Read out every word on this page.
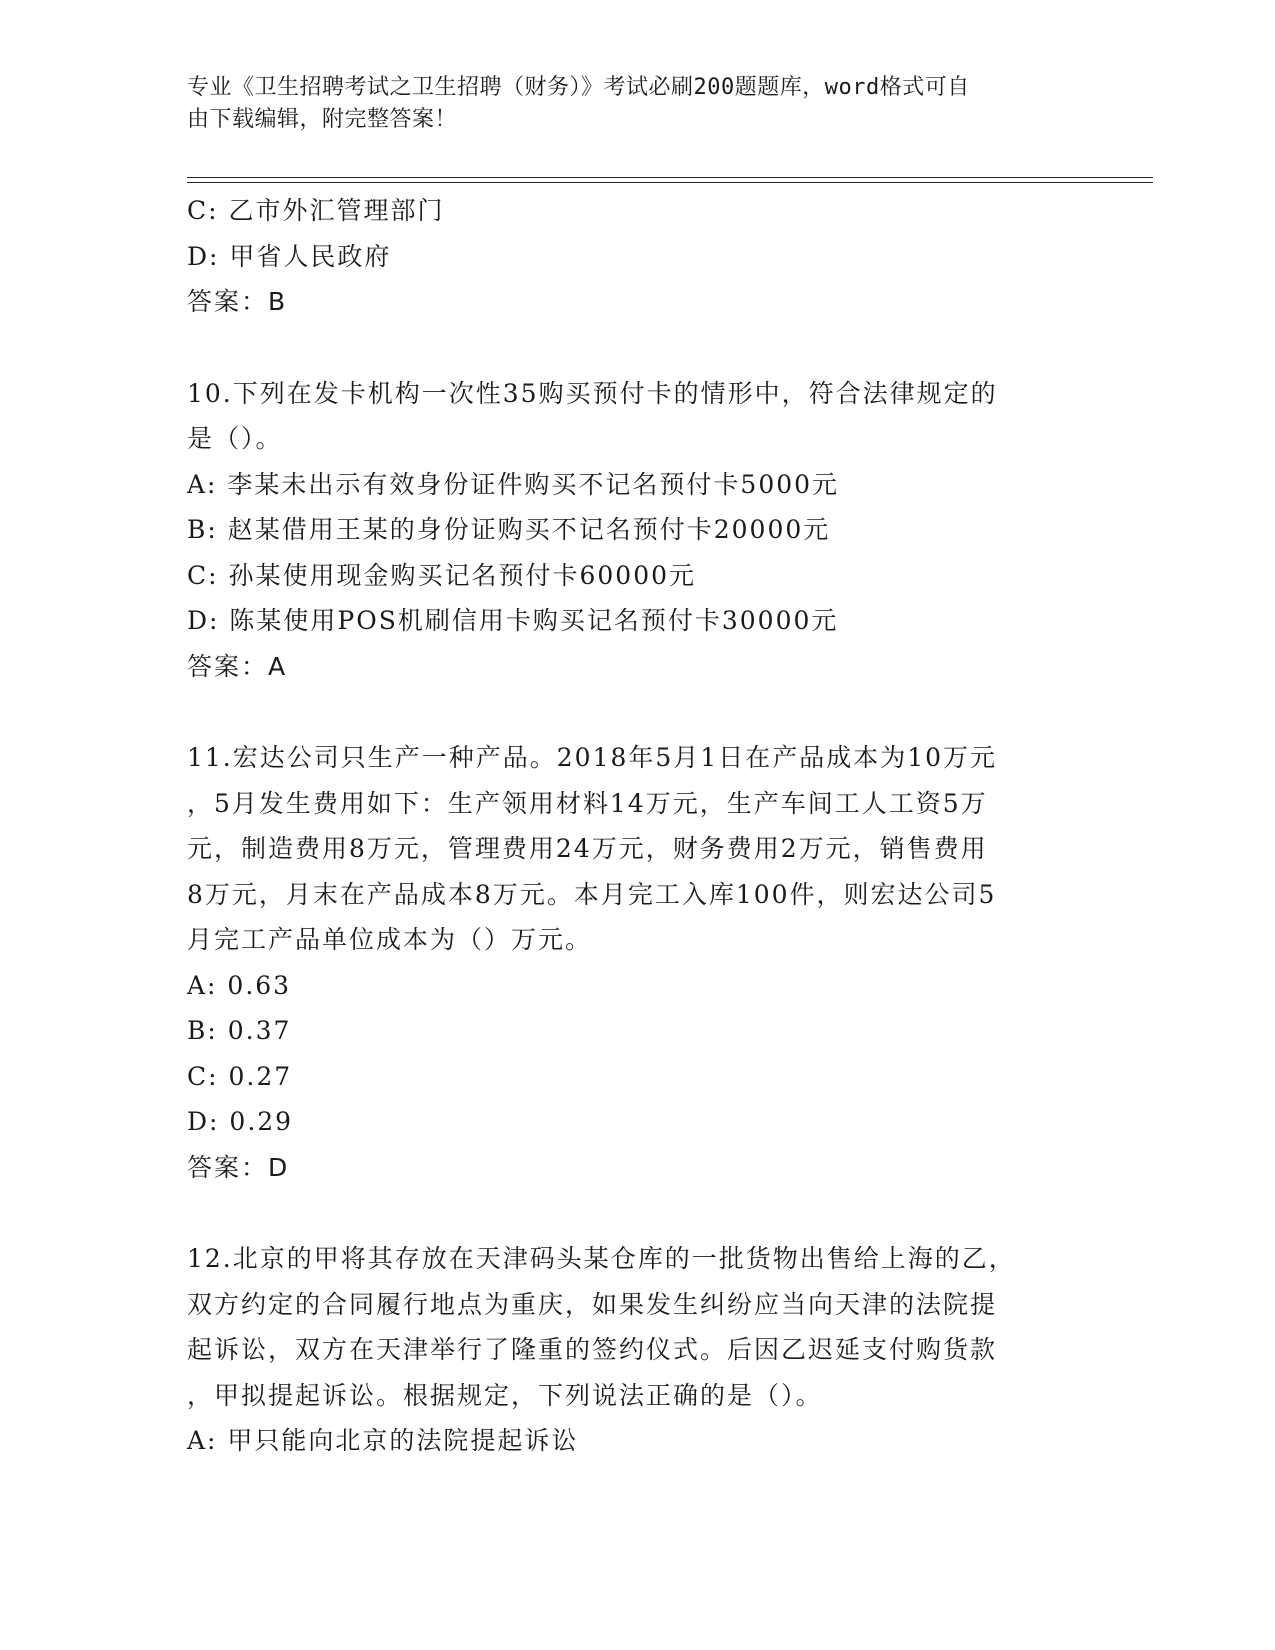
专业《卫生招聘考试之卫生招聘（财务）》考试必刷200题题库，word格式可自
由下载编辑，附完整答案！
C: 乙市外汇管理部门
D: 甲省人民政府
答案：B
10.下列在发卡机构一次性35购买预付卡的情形中，符合法律规定的
是（）。
A: 李某未出示有效身份证件购买不记名预付卡5000元
B: 赵某借用王某的身份证购买不记名预付卡20000元
C: 孙某使用现金购买记名预付卡60000元
D: 陈某使用POS机刷信用卡购买记名预付卡30000元
答案：A
11.宏达公司只生产一种产品。2018年5月1日在产品成本为10万元
，5月发生费用如下：生产领用材料14万元，生产车间工人工资5万
元，制造费用8万元，管理费用24万元，财务费用2万元，销售费用
8万元，月末在产品成本8万元。本月完工入库100件，则宏达公司5
月完工产品单位成本为（）万元。
A: 0.63
B: 0.37
C: 0.27
D: 0.29
答案：D
12.北京的甲将其存放在天津码头某仓库的一批货物出售给上海的乙，
双方约定的合同履行地点为重庆，如果发生纠纷应当向天津的法院提
起诉讼，双方在天津举行了隆重的签约仪式。后因乙迟延支付购货款
，甲拟提起诉讼。根据规定，下列说法正确的是（）。
A: 甲只能向北京的法院提起诉讼
